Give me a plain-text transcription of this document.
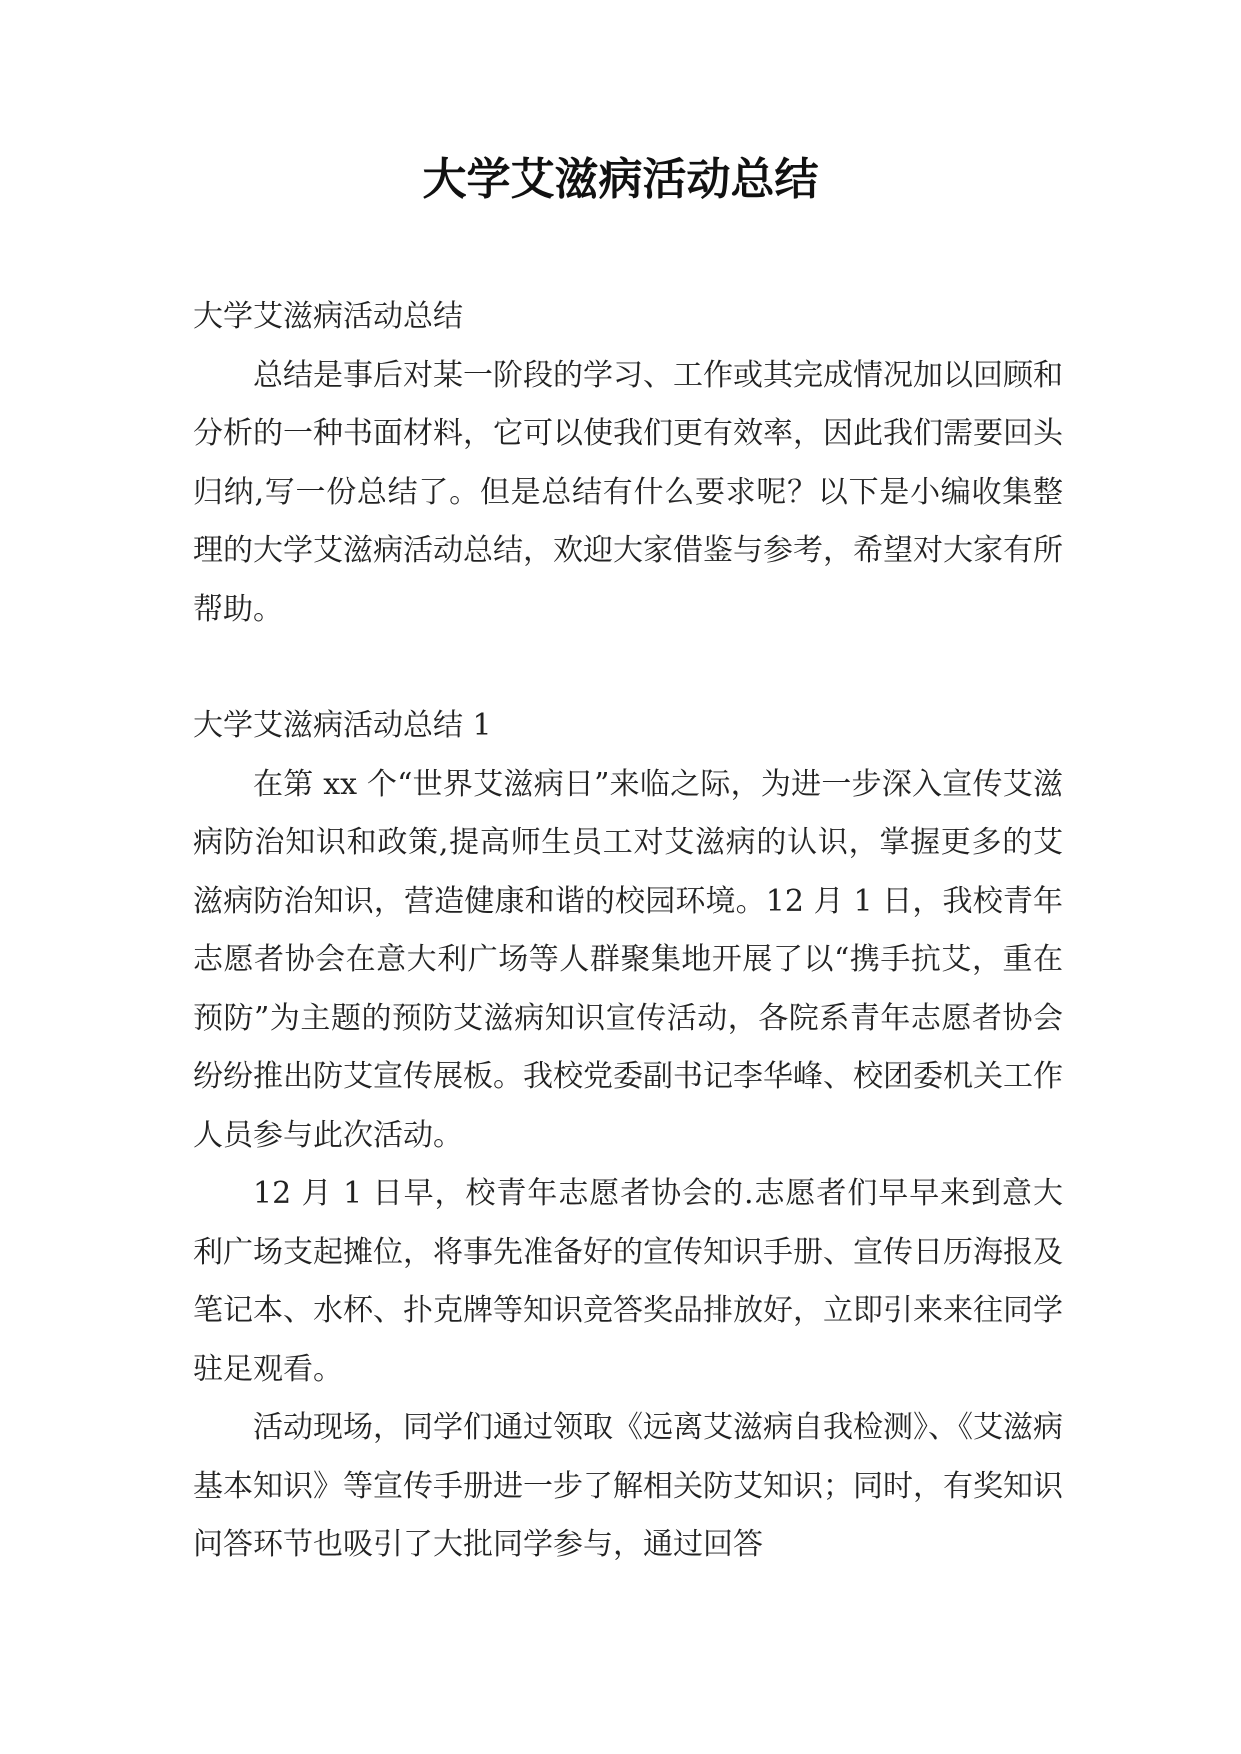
大学艾滋病活动总结

大学艾滋病活动总结

总结是事后对某一阶段的学习、工作或其完成情况加以回顾和分析的一种书面材料，它可以使我们更有效率，因此我们需要回头归纳,写一份总结了。但是总结有什么要求呢？以下是小编收集整理的大学艾滋病活动总结，欢迎大家借鉴与参考，希望对大家有所帮助。

大学艾滋病活动总结 1

在第 xx 个“世界艾滋病日”来临之际，为进一步深入宣传艾滋病防治知识和政策,提高师生员工对艾滋病的认识，掌握更多的艾滋病防治知识，营造健康和谐的校园环境。12 月 1 日，我校青年志愿者协会在意大利广场等人群聚集地开展了以“携手抗艾，重在预防”为主题的预防艾滋病知识宣传活动，各院系青年志愿者协会纷纷推出防艾宣传展板。我校党委副书记李华峰、校团委机关工作人员参与此次活动。

12 月 1 日早，校青年志愿者协会的.志愿者们早早来到意大利广场支起摊位，将事先准备好的宣传知识手册、宣传日历海报及笔记本、水杯、扑克牌等知识竞答奖品排放好，立即引来来往同学驻足观看。

活动现场，同学们通过领取《远离艾滋病自我检测》、《艾滋病基本知识》等宣传手册进一步了解相关防艾知识；同时，有奖知识问答环节也吸引了大批同学参与，通过回答
